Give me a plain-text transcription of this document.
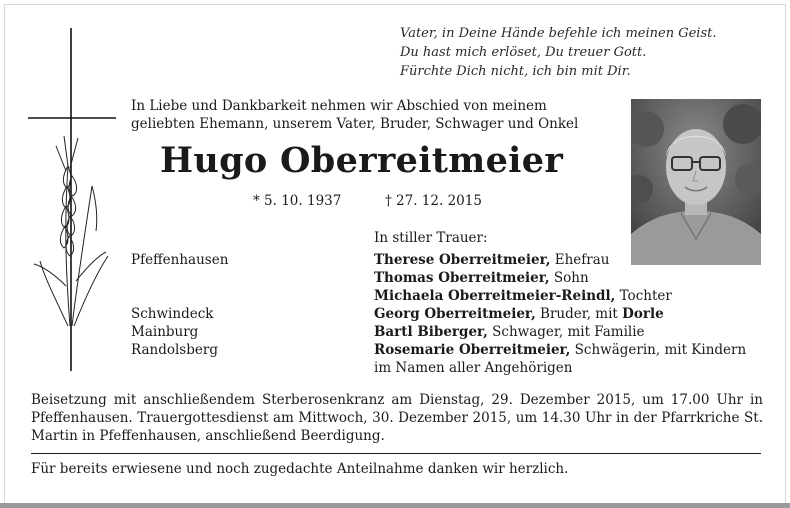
Vater, in Deine Hände befehle ich meinen Geist.
Du hast mich erlöset, Du treuer Gott.
Fürchte Dich nicht, ich bin mit Dir.
In Liebe und Dankbarkeit nehmen wir Abschied von meinem
geliebten Ehemann, unserem Vater, Bruder, Schwager und Onkel
Hugo Oberreitmeier
* 5. 10. 1937	† 27. 12. 2015
In stiller Trauer:
Pfeffenhausen
Schwindeck
Mainburg
Randolsberg
Therese Oberreitmeier, Ehefrau
Thomas Oberreitmeier, Sohn
Michaela Oberreitmeier-Reindl, Tochter
Georg Oberreitmeier, Bruder, mit Dorle
Bartl Biberger, Schwager, mit Familie
Rosemarie Oberreitmeier, Schwägerin, mit Kindern
im Namen aller Angehörigen
Beisetzung mit anschließendem Sterberosenkranz am Dienstag, 29. Dezember 2015, um 17.00 Uhr in Pfeffenhausen. Trauergottesdienst am Mittwoch, 30. Dezember 2015, um 14.30 Uhr in der Pfarrkriche St. Martin in Pfeffenhausen, anschließend Beerdigung.
Für bereits erwiesene und noch zugedachte Anteilnahme danken wir herzlich.
